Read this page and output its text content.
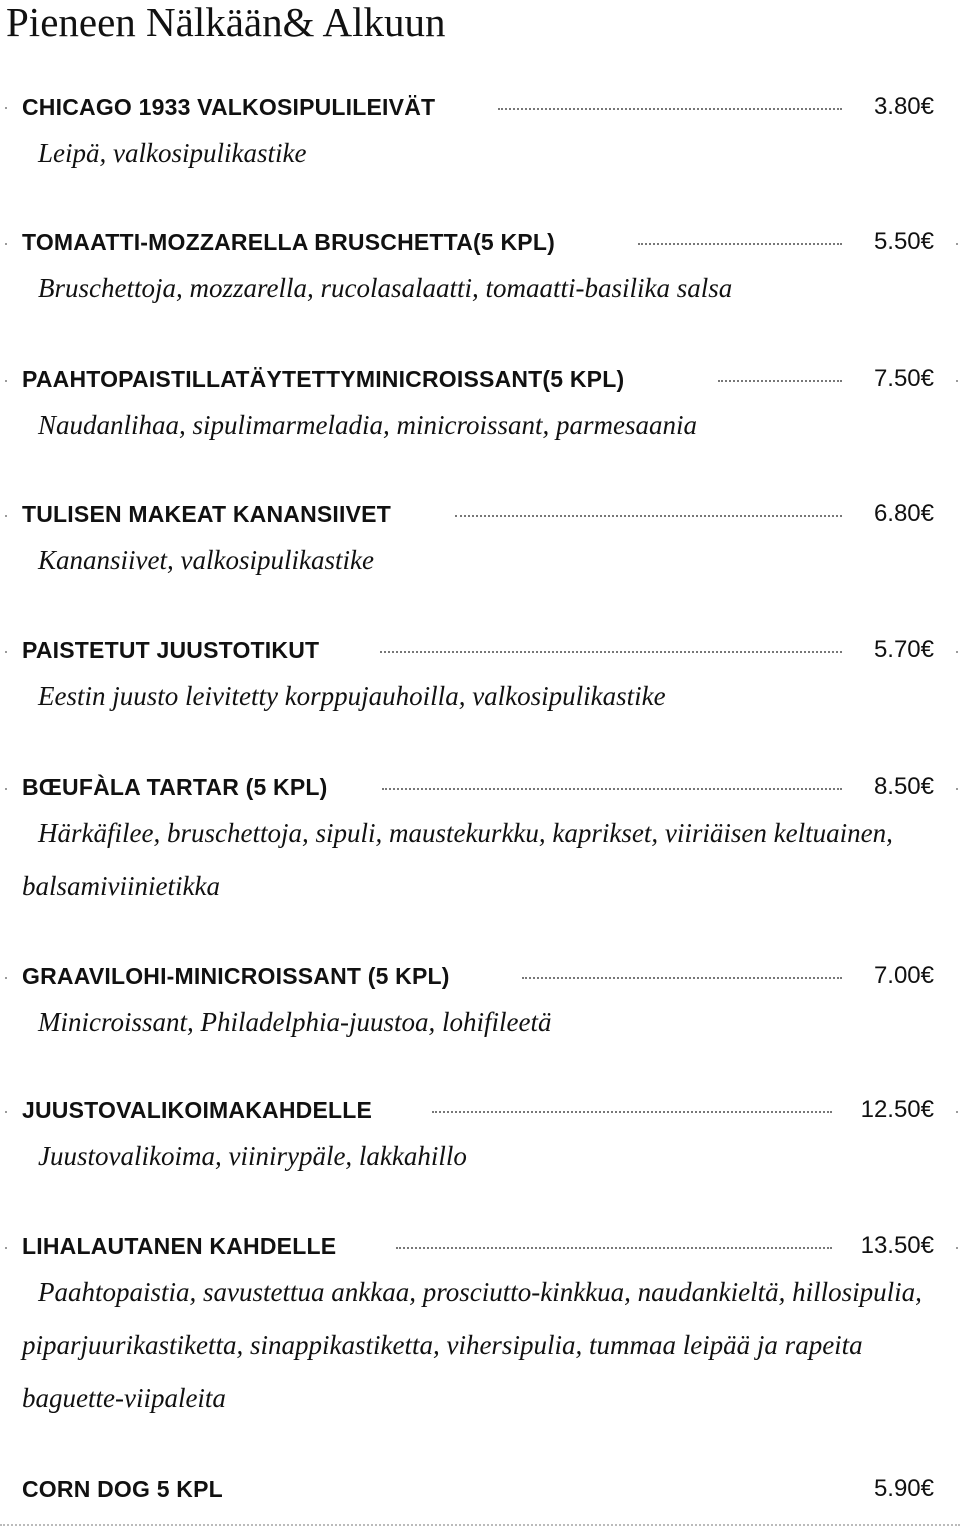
Pieneen Nälkään& Alkuun
CHICAGO 1933 VALKOSIPULILEIVÄT	3.80€

Leipä, valkosipulikastike

TOMAATTI-MOZZARELLA BRUSCHETTA(5 KPL)	5.50€

Bruschettoja, mozzarella, rucolasalaatti, tomaatti-basilika salsa

PAAHTOPAISTILLATÄYTETTYMINICROISSANT(5 KPL)	7.50€

Naudanlihaa, sipulimarmeladia, minicroissant, parmesaania

TULISEN MAKEAT KANANSIIVET	6.80€

Kanansiivet, valkosipulikastike

PAISTETUT JUUSTOTIKUT	5.70€

Eestin juusto leivitetty korppujauhoilla, valkosipulikastike

BŒUFÀLA TARTAR (5 KPL)	8.50€

Härkäfilee, bruschettoja, sipuli, maustekurkku, kaprikset, viiriäisen keltuainen, balsamiviinietikka

GRAAVILOHI-MINICROISSANT (5 KPL)	7.00€

Minicroissant, Philadelphia-juustoa, lohifileetä

JUUSTOVALIKOIMAKAHDELLE	12.50€

Juustovalikoima, viiniryрäle, lakkahillo

LIHALAUTANEN KAHDELLE	13.50€

Paahtopaistia, savustettua ankkaa, prosciutto-kinkkua, naudankieltä, hillosipulia, piparjuurikastiketta, sinappikastiketta, vihersipulia, tummaa leipää ja rapeita baguette-viipaleita

CORN DOG 5 KPL	5.90€
